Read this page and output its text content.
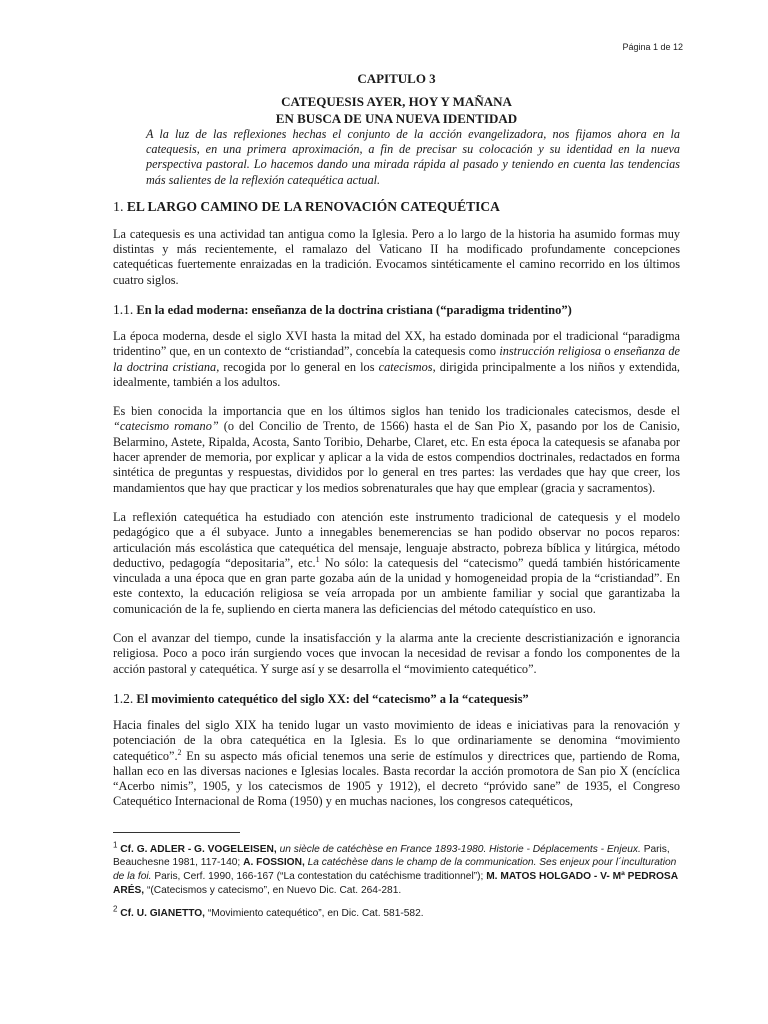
Página 1 de 12
CAPITULO 3
CATEQUESIS AYER, HOY Y MAÑANA
EN BUSCA DE UNA NUEVA IDENTIDAD
A la luz de las reflexiones hechas el conjunto de la acción evangelizadora, nos fijamos ahora en la catequesis, en una primera aproximación, a fin de precisar su colocación y su identidad en la nueva perspectiva pastoral. Lo hacemos dando una mirada rápida al pasado y teniendo en cuenta las tendencias más salientes de la reflexión catequética actual.
1. EL LARGO CAMINO DE LA RENOVACIÓN CATEQUÉTICA

La catequesis es una actividad tan antigua como la Iglesia. Pero a lo largo de la historia ha asumido formas muy distintas y más recientemente, el ramalazo del Vaticano II ha modificado profundamente concepciones catequéticas fuertemente enraizadas en la tradición. Evocamos sintéticamente el camino recorrido en los últimos cuatro siglos.

1.1. En la edad moderna: enseñanza de la doctrina cristiana (“paradigma tridentino”)

La época moderna, desde el siglo XVI hasta la mitad del XX, ha estado dominada por el tradicional “paradigma tridentino” que, en un contexto de “cristiandad”, concebía la catequesis como instrucción religiosa o enseñanza de la doctrina cristiana, recogida por lo general en los catecismos, dirigida principalmente a los niños y extendida, idealmente, también a los adultos.

Es bien conocida la importancia que en los últimos siglos han tenido los tradicionales catecismos, desde el “catecismo romano” (o del Concilio de Trento, de 1566) hasta el de San Pio X, pasando por los de Canisio, Belarmino, Astete, Ripalda, Acosta, Santo Toribio, Deharbe, Claret, etc. En esta época la catequesis se afanaba por hacer aprender de memoria, por explicar y aplicar a la vida de estos compendios doctrinales, redactados en forma sintética de preguntas y respuestas, divididos por lo general en tres partes: las verdades que hay que creer, los mandamientos que hay que practicar y los medios sobrenaturales que hay que emplear (gracia y sacramentos).

La reflexión catequética ha estudiado con atención este instrumento tradicional de catequesis y el modelo pedagógico que a él subyace. Junto a innegables benemerencias se han podido observar no pocos reparos: articulación más escolástica que catequética del mensaje, lenguaje abstracto, pobreza bíblica y litúrgica, método deductivo, pedagogía “depositaria”, etc.$^1$ No sólo: la catequesis del “catecismo” quedá también históricamente vinculada a una época que en gran parte gozaba aún de la unidad y homogeneidad propia de la “cristiandad”. En este contexto, la educación religiosa se veía arropada por un ambiente familiar y social que garantizaba la comunicación de la fe, supliendo en cierta manera las deficiencias del método catequístico en uso.

Con el avanzar del tiempo, cunde la insatisfacción y la alarma ante la creciente descristianización e ignorancia religiosa. Poco a poco irán surgiendo voces que invocan la necesidad de revisar a fondo los componentes de la acción pastoral y catequética. Y surge así y se desarrolla el “movimiento catequético”.

1.2. El movimiento catequético del siglo XX: del “catecismo” a la “catequesis”

Hacia finales del siglo XIX ha tenido lugar un vasto movimiento de ideas e iniciativas para la renovación y potenciación de la obra catequética en la Iglesia. Es lo que ordinariamente se denomina “movimiento catequético”.$^2$ En su aspecto más oficial tenemos una serie de estímulos y directrices que, partiendo de Roma, hallan eco en las diversas naciones e Iglesias locales. Basta recordar la acción promotora de San pio X (encíclica “Acerbo nimis”, 1905, y los catecismos de 1905 y 1912), el decreto “próvido sane” de 1935, el Congreso Catequético Internacional de Roma (1950) y en muchas naciones, los congresos catequéticos,

$^1$ Cf. G. ADLER - G. VOGELEISEN, un siècle de catéchèse en France 1893-1980. Historie - Déplacements - Enjeux. Paris, Beauchesne 1981, 117-140; A. FOSSION, La catéchèse dans le champ de la communication. Ses enjeux pour l´inculturation de la foi. Paris, Cerf. 1990, 166-167 (“La contestation du catéchisme traditionnel”); M. MATOS HOLGADO - V- Mª PEDROSA ARÉS, “(Catecismos y catecismo”, en Nuevo Dic. Cat. 264-281.
$^2$ Cf. U. GIANETTO, “Movimiento catequético”, en Dic. Cat. 581-582.
